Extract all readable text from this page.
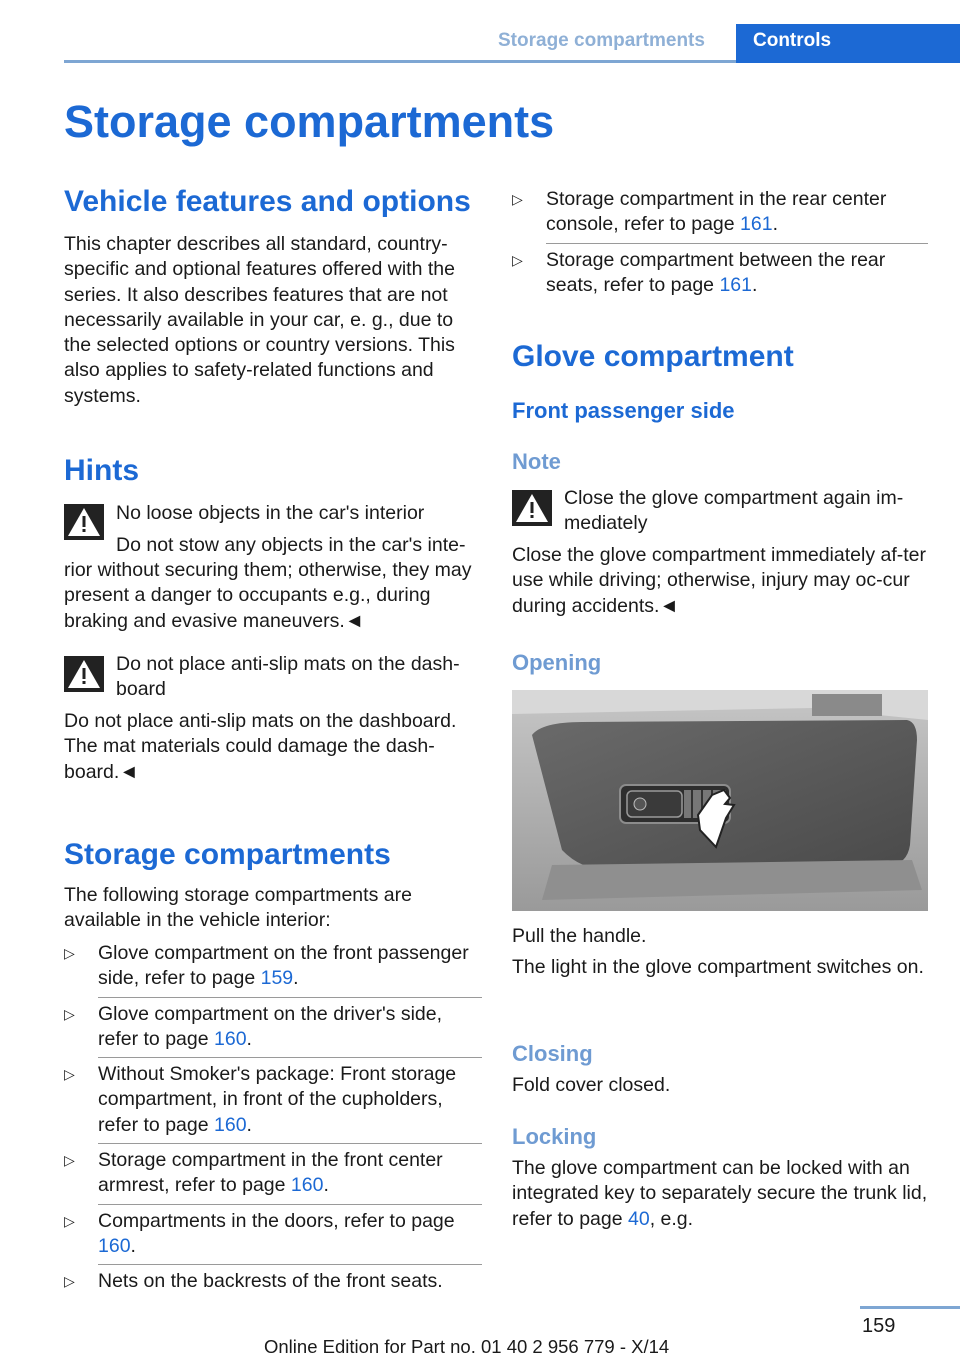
Storage compartments	Controls
Storage compartments
Vehicle features and options
This chapter describes all standard, country-specific and optional features offered with the series. It also describes features that are not necessarily available in your car, e. g., due to the selected options or country versions. This also applies to safety-related functions and systems.
Hints
No loose objects in the car's interior
Do not stow any objects in the car's inte-
rior without securing them; otherwise, they may present a danger to occupants e.g., during braking and evasive maneuvers.◄
Do not place anti-slip mats on the dash-board
Do not place anti-slip mats on the dashboard. The mat materials could damage the dash-board.◄
Storage compartments
The following storage compartments are available in the vehicle interior:
▷ Glove compartment on the front passenger side, refer to page 159.
▷ Glove compartment on the driver's side, refer to page 160.
▷ Without Smoker's package: Front storage compartment, in front of the cupholders, refer to page 160.
▷ Storage compartment in the front center armrest, refer to page 160.
▷ Compartments in the doors, refer to page 160.
▷ Nets on the backrests of the front seats.
▷ Storage compartment in the rear center console, refer to page 161.
▷ Storage compartment between the rear seats, refer to page 161.
Glove compartment
Front passenger side
Note
Close the glove compartment again im-mediately
Close the glove compartment immediately af-ter use while driving; otherwise, injury may oc-cur during accidents.◄
Opening
Pull the handle.
The light in the glove compartment switches on.
Closing
Fold cover closed.
Locking
The glove compartment can be locked with an integrated key to separately secure the trunk lid, refer to page 40, e.g.
159
Online Edition for Part no. 01 40 2 956 779 - X/14
